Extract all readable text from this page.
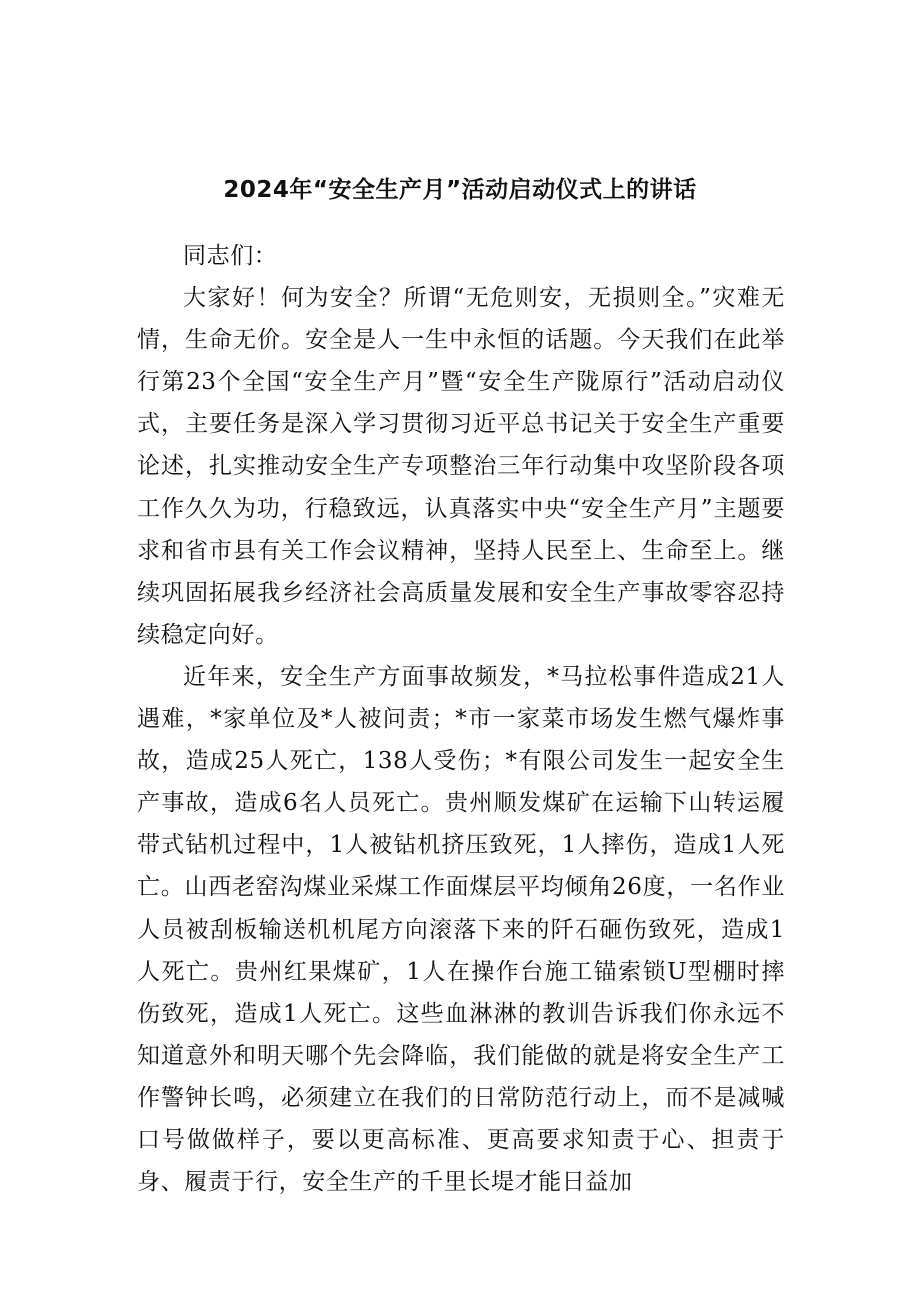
2024年“安全生产月”活动启动仪式上的讲话

同志们：

大家好！何为安全？所谓“无危则安，无损则全。”灾难无情，生命无价。安全是人一生中永恒的话题。今天我们在此举行第23个全国“安全生产月”暨“安全生产陇原行”活动启动仪式，主要任务是深入学习贯彻习近平总书记关于安全生产重要论述，扎实推动安全生产专项整治三年行动集中攻坚阶段各项工作久久为功，行稳致远，认真落实中央“安全生产月”主题要求和省市县有关工作会议精神，坚持人民至上、生命至上。继续巩固拓展我乡经济社会高质量发展和安全生产事故零容忍持续稳定向好。

近年来，安全生产方面事故频发，*马拉松事件造成21人遇难，*家单位及*人被问责；*市一家菜市场发生燃气爆炸事故，造成25人死亡，138人受伤；*有限公司发生一起安全生产事故，造成6名人员死亡。贵州顺发煤矿在运输下山转运履带式钻机过程中，1人被钻机挤压致死，1人摔伤，造成1人死亡。山西老窑沟煤业采煤工作面煤层平均倾角26度，一名作业人员被刮板输送机机尾方向滚落下来的阡石砸伤致死，造成1人死亡。贵州红果煤矿，1人在操作台施工锚索锁U型棚时摔伤致死，造成1人死亡。这些血淋淋的教训告诉我们你永远不知道意外和明天哪个先会降临，我们能做的就是将安全生产工作警钟长鸣，必须建立在我们的日常防范行动上，而不是减喊口号做做样子，要以更高标准、更高要求知责于心、担责于身、履责于行，安全生产的千里长堤才能日益加
